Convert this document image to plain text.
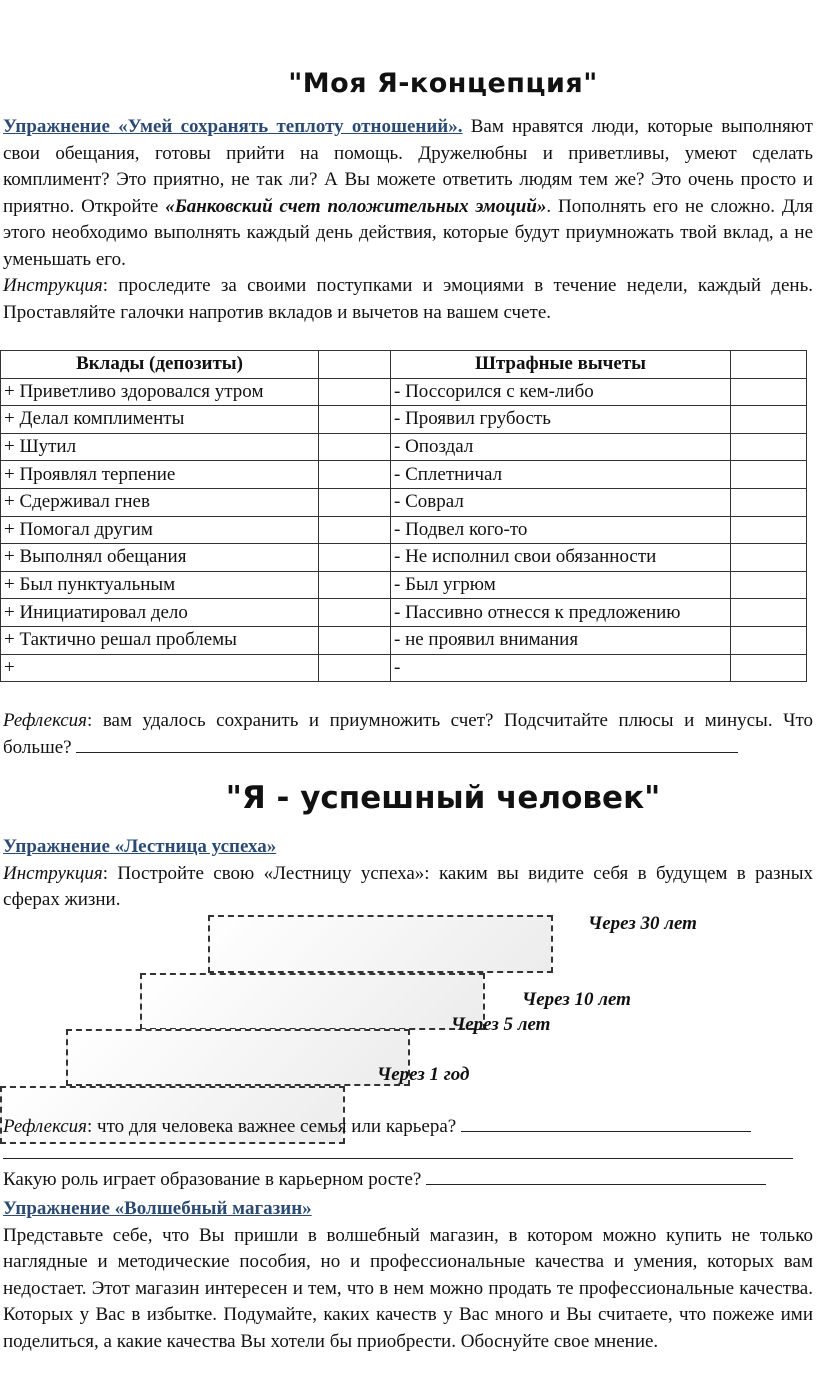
"Моя Я-концепция"
Упражнение «Умей сохранять теплоту отношений». Вам нравятся люди, которые выполняют свои обещания, готовы прийти на помощь. Дружелюбны и приветливы, умеют сделать комплимент? Это приятно, не так ли? А Вы можете ответить людям тем же? Это очень просто и приятно. Откройте «Банковский счет положительных эмоций». Пополнять его не сложно. Для этого необходимо выполнять каждый день действия, которые будут приумножать твой вклад, а не уменьшать его.
Инструкция: проследите за своими поступками и эмоциями в течение недели, каждый день. Проставляйте галочки напротив вкладов и вычетов на вашем счете.
Вклады (депозиты)		Штрафные вычеты	
+ Приветливо здоровался утром		- Поссорился с кем-либо	
+ Делал комплименты		- Проявил грубость	
+ Шутил		- Опоздал	
+ Проявлял терпение		- Сплетничал	
+ Сдерживал гнев		- Соврал	
+ Помогал другим		- Подвел кого-то	
+ Выполнял обещания		- Не исполнил свои обязанности	
+ Был пунктуальным		- Был угрюм	
+ Инициатировал дело		- Пассивно отнесся к предложению	
+ Тактично решал проблемы		- не проявил внимания	
+		-	
Рефлексия: вам удалось сохранить и приумножить счет? Подсчитайте плюсы и минусы. Что больше?
"Я - успешный человек"
Упражнение «Лестница успеха»
Инструкция: Постройте свою «Лестницу успеха»: каким вы видите себя в будущем в разных сферах жизни.
Через 30 лет
Через 10 лет
Через 5 лет
Через 1 год
Рефлексия: что для человека важнее семья или карьера?

Какую роль играет образование в карьерном росте?
Упражнение «Волшебный магазин»
Представьте себе, что Вы пришли в волшебный магазин, в котором можно купить не только наглядные и методические пособия, но и профессиональные качества и умения, которых вам недостает. Этот магазин интересен и тем, что в нем можно продать те профессиональные качества. Которых у Вас в избытке. Подумайте, каких качеств у Вас много и Вы считаете, что пожеже ими поделиться, а какие качества Вы хотели бы приобрести. Обоснуйте свое мнение.
